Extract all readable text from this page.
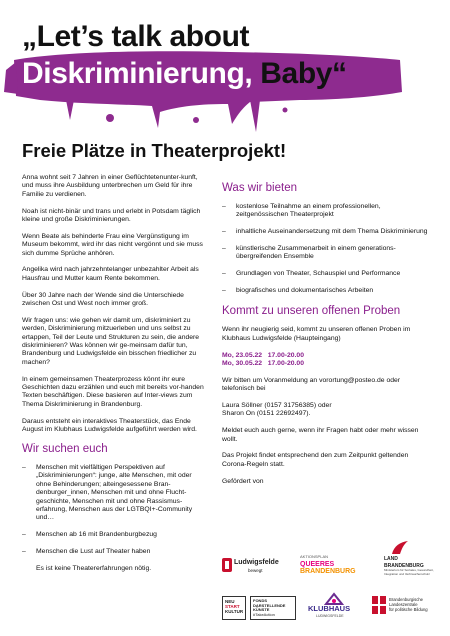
„Let’s talk about
Diskriminierung, Baby“
Freie Plätze in Theaterprojekt!

Anna wohnt seit 7 Jahren in einer Geflüchtetenunter-kunft, und muss ihre Ausbildung unterbrechen um Geld für ihre Familie zu verdienen.

Noah ist nicht-binär und trans und erlebt in Potsdam täglich kleine und große Diskriminierungen.

Wenn Beate als behinderte Frau eine Vergünstigung im Museum bekommt, wird ihr das nicht vergönnt und sie muss sich dumme Sprüche anhören.

Angelika wird nach jahrzehntelanger unbezahlter Arbeit als Hausfrau und Mutter kaum Rente bekommen.

Über 30 Jahre nach der Wende sind die Unterschiede zwischen Ost und West noch immer groß.

Wir fragen uns: wie gehen wir damit um, diskriminiert zu werden, Diskriminierung mitzuerleben und uns selbst zu ertappen, Teil der Leute und Strukturen zu sein, die andere diskriminieren? Was können wir ge-meinsam dafür tun, Brandenburg und Ludwigsfelde ein bisschen friedlicher zu machen?

In einem gemeinsamen Theaterprozess könnt ihr eure Geschichten dazu erzählen und euch mit bereits vor-handen Texten beschäftigen. Diese basieren auf Inter-views zum Thema Diskriminierung in Brandenburg.

Daraus entsteht ein interaktives Theaterstück, das Ende August im Klubhaus Ludwigsfelde aufgeführt werden wird.

Wir suchen euch
– Menschen mit vielfältigen Perspektiven auf „Diskriminierungen“: junge, alte Menschen, mit oder ohne Behinderungen; alteingesessene Bran-denburger_innen, Menschen mit und ohne Flucht-geschichte, Menschen mit und ohne Rassismus-erfahrung, Menschen aus der LGTBQI+-Community und…
– Menschen ab 16 mit Brandenburgbezug
– Menschen die Lust auf Theater haben

Es ist keine Theatererfahrungen nötig.

Was wir bieten
– kostenlose Teilnahme an einem professionellen, zeitgenössischen Theaterprojekt
– inhaltliche Auseinandersetzung mit dem Thema Diskriminierung
– künstlerische Zusammenarbeit in einem generations-übergreifenden Ensemble
– Grundlagen von Theater, Schauspiel und Performance
– biografisches und dokumentarisches Arbeiten
Kommt zu unseren offenen Proben

Wenn ihr neugierig seid, kommt zu unseren offenen Proben im Klubhaus Ludwigsfelde (Haupteingang)

Mo, 23.05.22   17.00-20.00
Mo, 30.05.22   17.00-20.00

Wir bitten um Voranmeldung an vorortung@posteo.de oder telefonisch bei

Laura Söllner (0157 31756385) oder
Sharon On (0151 22692497).

Meldet euch auch gerne, wenn ihr Fragen habt oder mehr wissen wollt.

Das Projekt findet entsprechend den zum Zeitpunkt geltenden Corona-Regeln statt.

Gefördert von

Ludwigsfelde
bewegt
AKTIONSPLAN
QUEERES
BRANDENBURG
LAND
BRANDENBURG
Ministerium für Soziales, Gesundheit, Integration und Verbraucherschutz
NEU
START
KULTUR
FONDS
DARSTELLENDE
KÜNSTE
#TakeAction
KLUBHAUS
LUDWIGSFELDE
Brandenburgische
Landeszentrale
für politische Bildung
